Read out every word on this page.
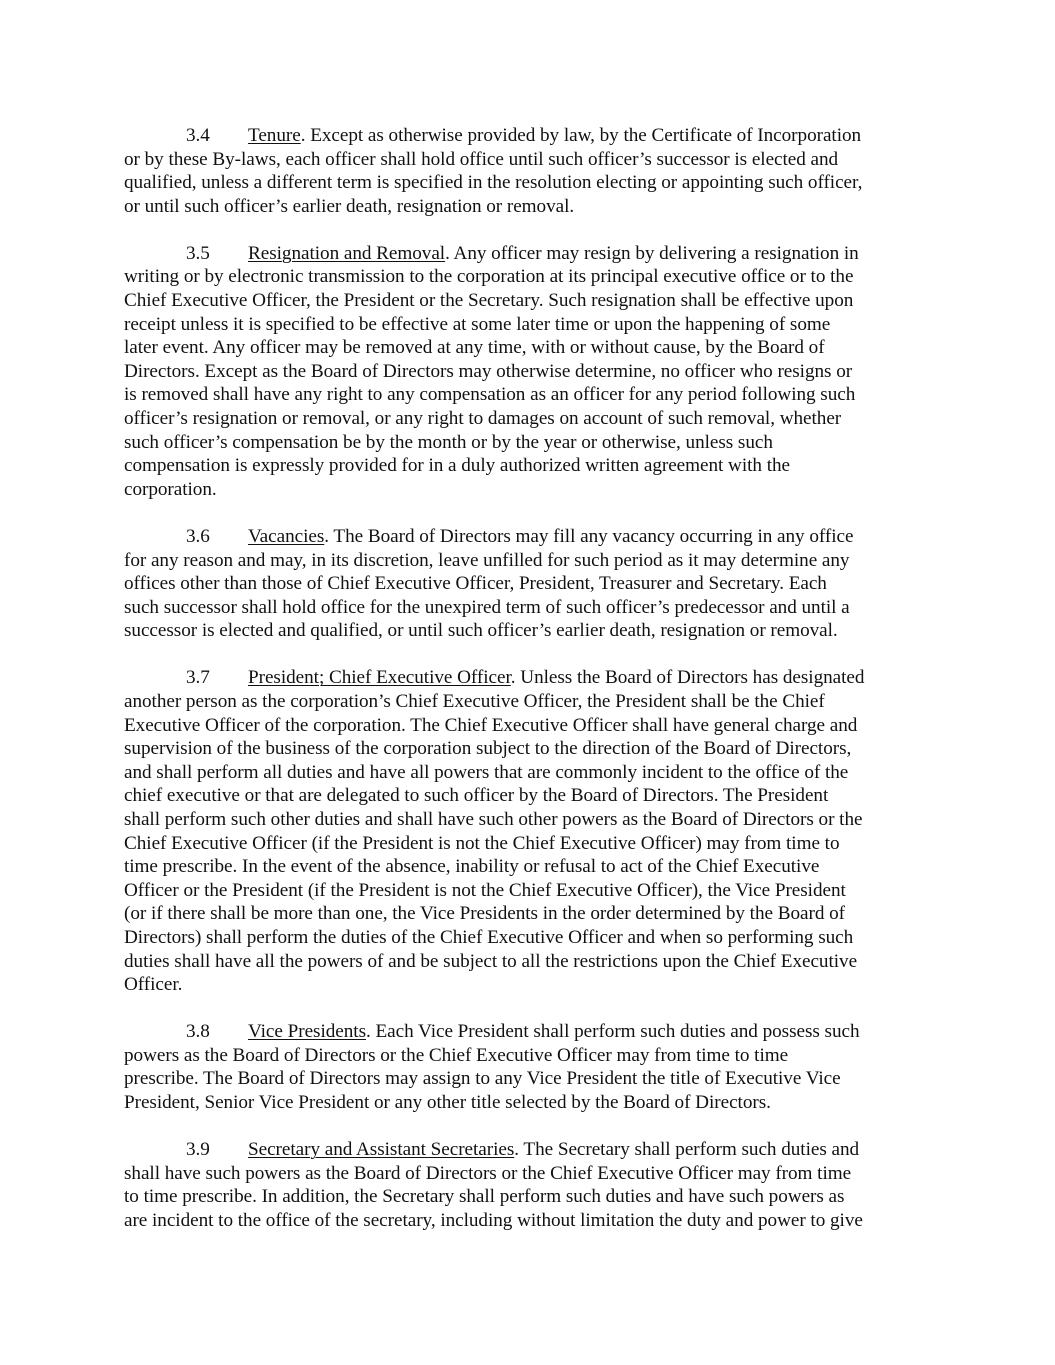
3.4 Tenure. Except as otherwise provided by law, by the Certificate of Incorporation
or by these By-laws, each officer shall hold office until such officer’s successor is elected and
qualified, unless a different term is specified in the resolution electing or appointing such officer,
or until such officer’s earlier death, resignation or removal.
3.5 Resignation and Removal. Any officer may resign by delivering a resignation in
writing or by electronic transmission to the corporation at its principal executive office or to the
Chief Executive Officer, the President or the Secretary. Such resignation shall be effective upon
receipt unless it is specified to be effective at some later time or upon the happening of some
later event. Any officer may be removed at any time, with or without cause, by the Board of
Directors. Except as the Board of Directors may otherwise determine, no officer who resigns or
is removed shall have any right to any compensation as an officer for any period following such
officer’s resignation or removal, or any right to damages on account of such removal, whether
such officer’s compensation be by the month or by the year or otherwise, unless such
compensation is expressly provided for in a duly authorized written agreement with the
corporation.
3.6 Vacancies. The Board of Directors may fill any vacancy occurring in any office
for any reason and may, in its discretion, leave unfilled for such period as it may determine any
offices other than those of Chief Executive Officer, President, Treasurer and Secretary. Each
such successor shall hold office for the unexpired term of such officer’s predecessor and until a
successor is elected and qualified, or until such officer’s earlier death, resignation or removal.
3.7 President; Chief Executive Officer. Unless the Board of Directors has designated
another person as the corporation’s Chief Executive Officer, the President shall be the Chief
Executive Officer of the corporation. The Chief Executive Officer shall have general charge and
supervision of the business of the corporation subject to the direction of the Board of Directors,
and shall perform all duties and have all powers that are commonly incident to the office of the
chief executive or that are delegated to such officer by the Board of Directors. The President
shall perform such other duties and shall have such other powers as the Board of Directors or the
Chief Executive Officer (if the President is not the Chief Executive Officer) may from time to
time prescribe. In the event of the absence, inability or refusal to act of the Chief Executive
Officer or the President (if the President is not the Chief Executive Officer), the Vice President
(or if there shall be more than one, the Vice Presidents in the order determined by the Board of
Directors) shall perform the duties of the Chief Executive Officer and when so performing such
duties shall have all the powers of and be subject to all the restrictions upon the Chief Executive
Officer.
3.8 Vice Presidents. Each Vice President shall perform such duties and possess such
powers as the Board of Directors or the Chief Executive Officer may from time to time
prescribe. The Board of Directors may assign to any Vice President the title of Executive Vice
President, Senior Vice President or any other title selected by the Board of Directors.
3.9 Secretary and Assistant Secretaries. The Secretary shall perform such duties and
shall have such powers as the Board of Directors or the Chief Executive Officer may from time
to time prescribe. In addition, the Secretary shall perform such duties and have such powers as
are incident to the office of the secretary, including without limitation the duty and power to give
